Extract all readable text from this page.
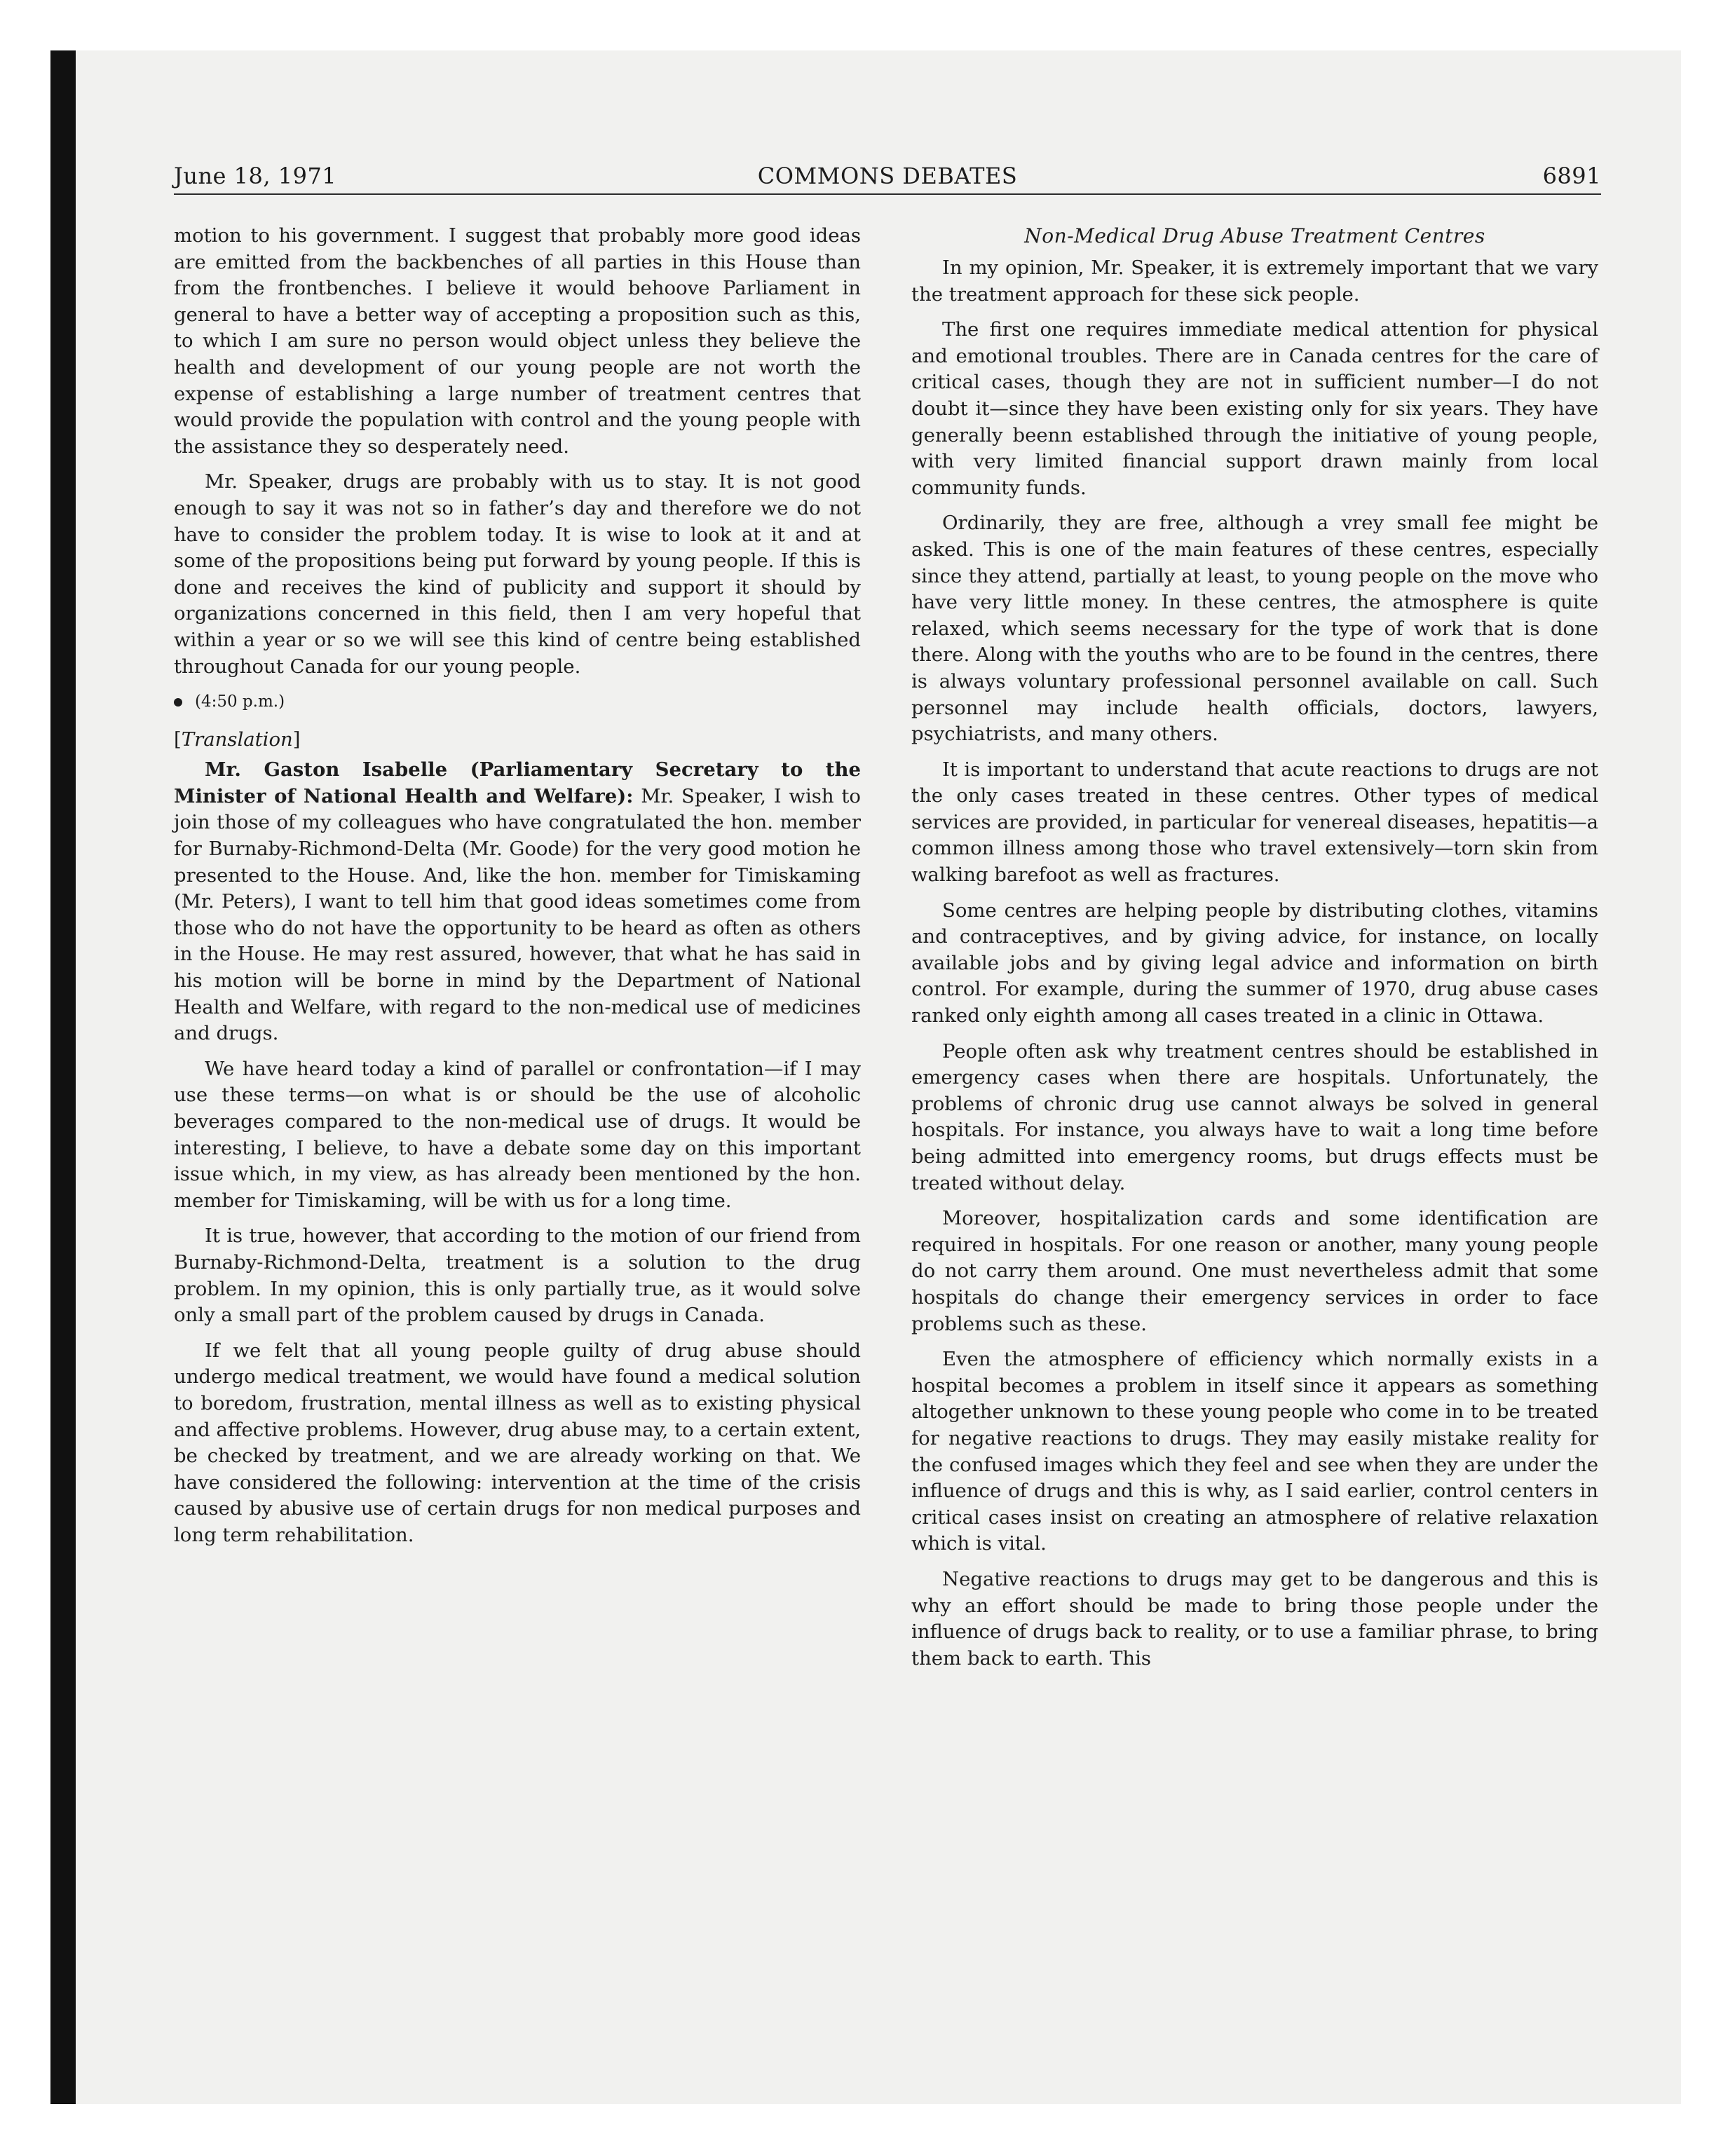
June 18, 1971	COMMONS DEBATES	6891

motion to his government. I suggest that probably more good ideas are emitted from the backbenches of all parties in this House than from the frontbenches. I believe it would behoove Parliament in general to have a better way of accepting a proposition such as this, to which I am sure no person would object unless they believe the health and development of our young people are not worth the expense of establishing a large number of treatment centres that would provide the population with control and the young people with the assistance they so desperately need.

Mr. Speaker, drugs are probably with us to stay. It is not good enough to say it was not so in father’s day and therefore we do not have to consider the problem today. It is wise to look at it and at some of the propositions being put forward by young people. If this is done and receives the kind of publicity and support it should by organizations concerned in this field, then I am very hopeful that within a year or so we will see this kind of centre being established throughout Canada for our young people.

(4:50 p.m.)

[Translation]

Mr. Gaston Isabelle (Parliamentary Secretary to the Minister of National Health and Welfare): Mr. Speaker, I wish to join those of my colleagues who have congratulated the hon. member for Burnaby-Richmond-Delta (Mr. Goode) for the very good motion he presented to the House. And, like the hon. member for Timiskaming (Mr. Peters), I want to tell him that good ideas sometimes come from those who do not have the opportunity to be heard as often as others in the House. He may rest assured, however, that what he has said in his motion will be borne in mind by the Department of National Health and Welfare, with regard to the non-medical use of medicines and drugs.

We have heard today a kind of parallel or confrontation—if I may use these terms—on what is or should be the use of alcoholic beverages compared to the non-medical use of drugs. It would be interesting, I believe, to have a debate some day on this important issue which, in my view, as has already been mentioned by the hon. member for Timiskaming, will be with us for a long time.

It is true, however, that according to the motion of our friend from Burnaby-Richmond-Delta, treatment is a solution to the drug problem. In my opinion, this is only partially true, as it would solve only a small part of the problem caused by drugs in Canada.

If we felt that all young people guilty of drug abuse should undergo medical treatment, we would have found a medical solution to boredom, frustration, mental illness as well as to existing physical and affective problems. However, drug abuse may, to a certain extent, be checked by treatment, and we are already working on that. We have considered the following: intervention at the time of the crisis caused by abusive use of certain drugs for non medical purposes and long term rehabilitation.

Non-Medical Drug Abuse Treatment Centres

In my opinion, Mr. Speaker, it is extremely important that we vary the treatment approach for these sick people.

The first one requires immediate medical attention for physical and emotional troubles. There are in Canada centres for the care of critical cases, though they are not in sufficient number—I do not doubt it—since they have been existing only for six years. They have generally beenn established through the initiative of young people, with very limited financial support drawn mainly from local community funds.

Ordinarily, they are free, although a vrey small fee might be asked. This is one of the main features of these centres, especially since they attend, partially at least, to young people on the move who have very little money. In these centres, the atmosphere is quite relaxed, which seems necessary for the type of work that is done there. Along with the youths who are to be found in the centres, there is always voluntary professional personnel available on call. Such personnel may include health officials, doctors, lawyers, psychiatrists, and many others.

It is important to understand that acute reactions to drugs are not the only cases treated in these centres. Other types of medical services are provided, in particular for venereal diseases, hepatitis—a common illness among those who travel extensively—torn skin from walking barefoot as well as fractures.

Some centres are helping people by distributing clothes, vitamins and contraceptives, and by giving advice, for instance, on locally available jobs and by giving legal advice and information on birth control. For example, during the summer of 1970, drug abuse cases ranked only eighth among all cases treated in a clinic in Ottawa.

People often ask why treatment centres should be established in emergency cases when there are hospitals. Unfortunately, the problems of chronic drug use cannot always be solved in general hospitals. For instance, you always have to wait a long time before being admitted into emergency rooms, but drugs effects must be treated without delay.

Moreover, hospitalization cards and some identification are required in hospitals. For one reason or another, many young people do not carry them around. One must nevertheless admit that some hospitals do change their emergency services in order to face problems such as these.

Even the atmosphere of efficiency which normally exists in a hospital becomes a problem in itself since it appears as something altogether unknown to these young people who come in to be treated for negative reactions to drugs. They may easily mistake reality for the confused images which they feel and see when they are under the influence of drugs and this is why, as I said earlier, control centers in critical cases insist on creating an atmosphere of relative relaxation which is vital.

Negative reactions to drugs may get to be dangerous and this is why an effort should be made to bring those people under the influence of drugs back to reality, or to use a familiar phrase, to bring them back to earth. This
